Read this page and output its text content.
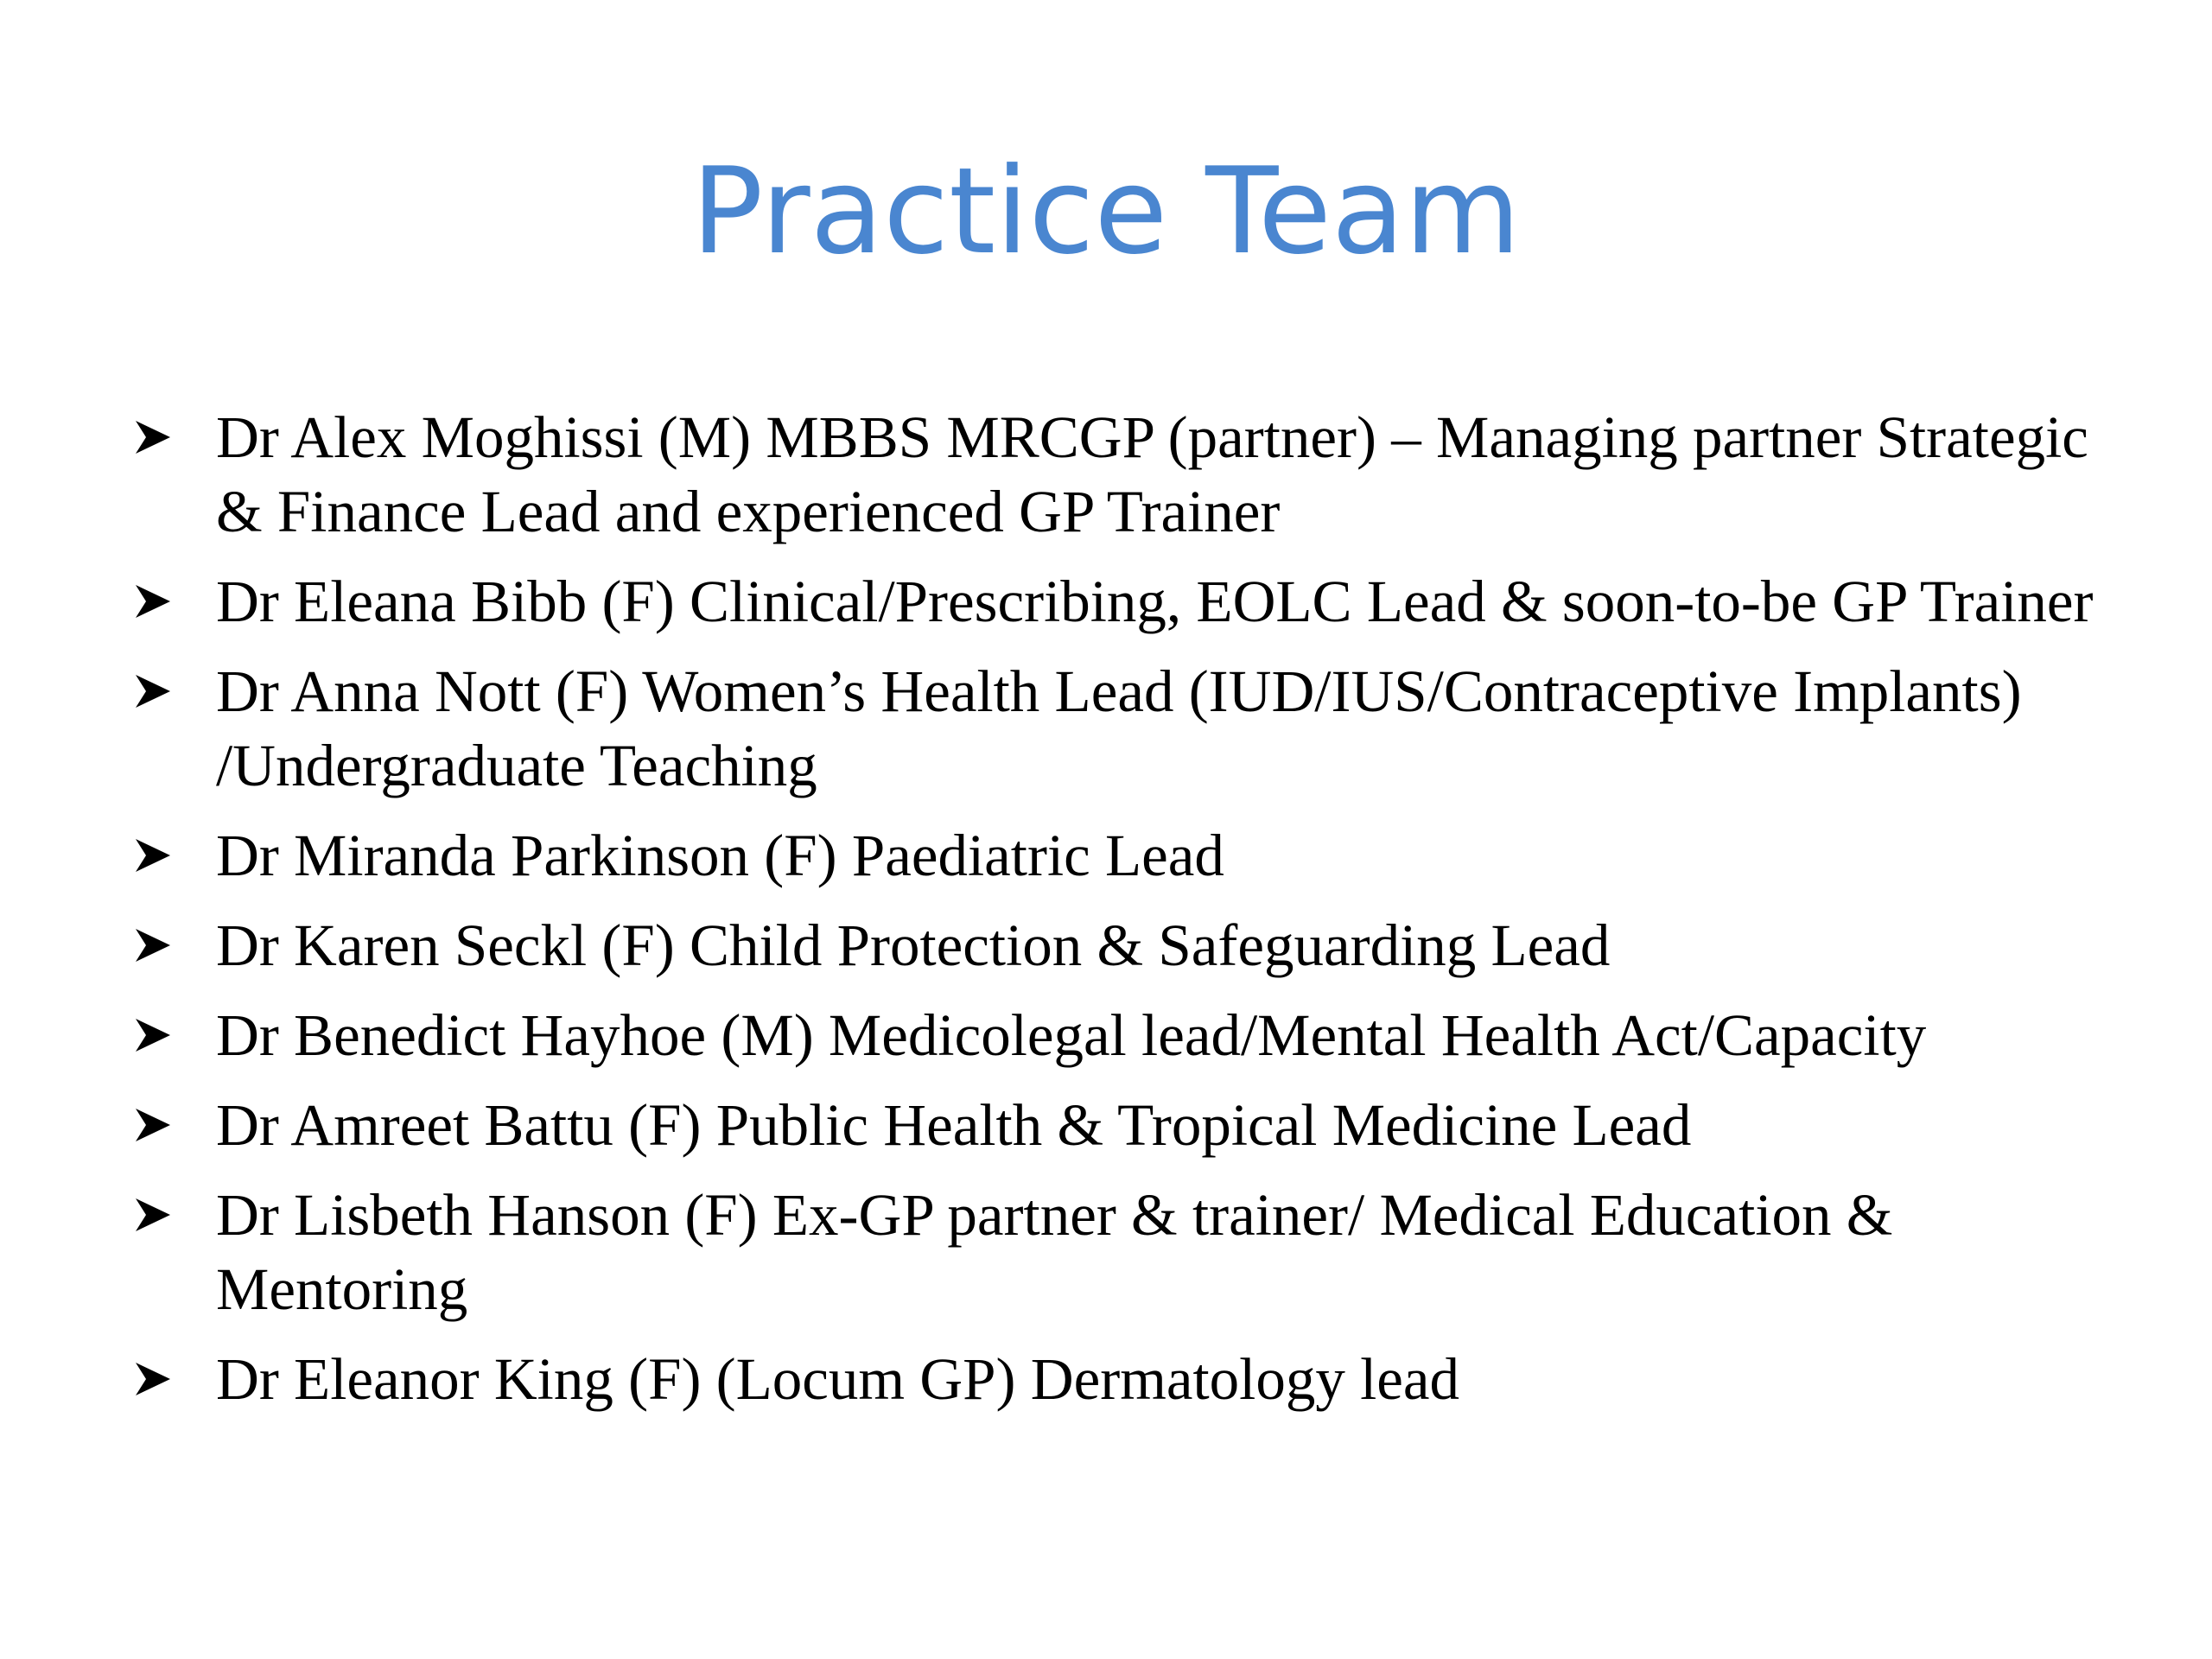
Practice Team
Dr Alex Moghissi (M) MBBS MRCGP (partner) – Managing partner Strategic & Finance Lead and experienced GP Trainer
Dr Eleana Bibb (F) Clinical/Prescribing, EOLC Lead & soon-to-be GP Trainer
Dr Anna Nott (F) Women’s Health Lead (IUD/IUS/Contraceptive Implants) /Undergraduate Teaching
Dr Miranda Parkinson (F) Paediatric Lead
Dr Karen Seckl (F) Child Protection & Safeguarding Lead
Dr Benedict Hayhoe (M) Medicolegal lead/Mental Health Act/Capacity
Dr Amreet Battu (F) Public Health & Tropical Medicine Lead
Dr Lisbeth Hanson (F) Ex-GP partner & trainer/ Medical Education & Mentoring
Dr Eleanor King (F) (Locum GP) Dermatology lead
